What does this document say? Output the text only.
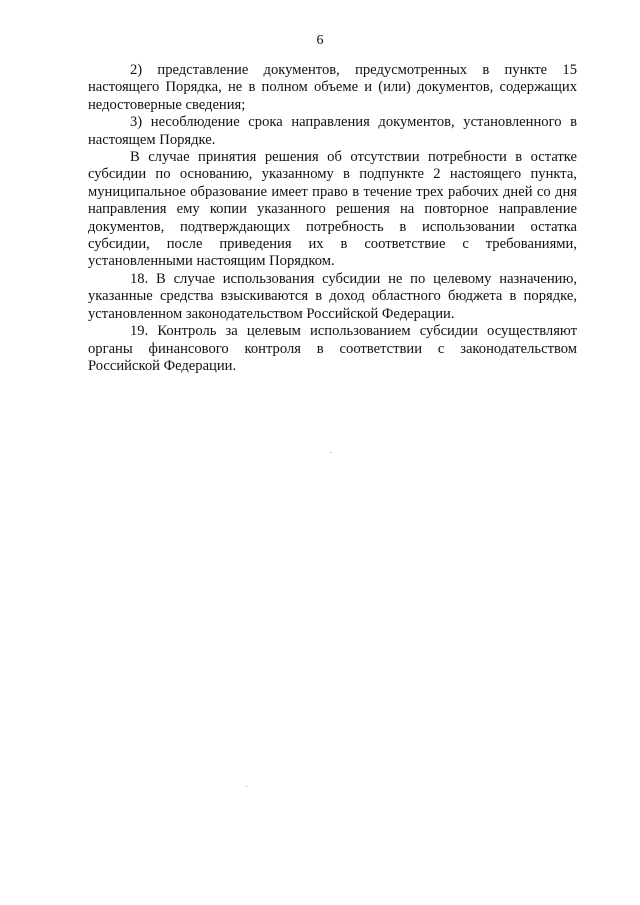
6

2) представление документов, предусмотренных в пункте 15 настоящего Порядка, не в полном объеме и (или) документов, содержащих недостоверные сведения;

3) несоблюдение срока направления документов, установленного в настоящем Порядке.

В случае принятия решения об отсутствии потребности в остатке субсидии по основанию, указанному в подпункте 2 настоящего пункта, муниципальное образование имеет право в течение трех рабочих дней со дня направления ему копии указанного решения на повторное направление документов, подтверждающих потребность в использовании остатка субсидии, после приведения их в соответствие с требованиями, установленными настоящим Порядком.

18. В случае использования субсидии не по целевому назначению, указанные средства взыскиваются в доход областного бюджета в порядке, установленном законодательством Российской Федерации.

19. Контроль за целевым использованием субсидии осуществляют органы финансового контроля в соответствии с законодательством Российской Федерации.
